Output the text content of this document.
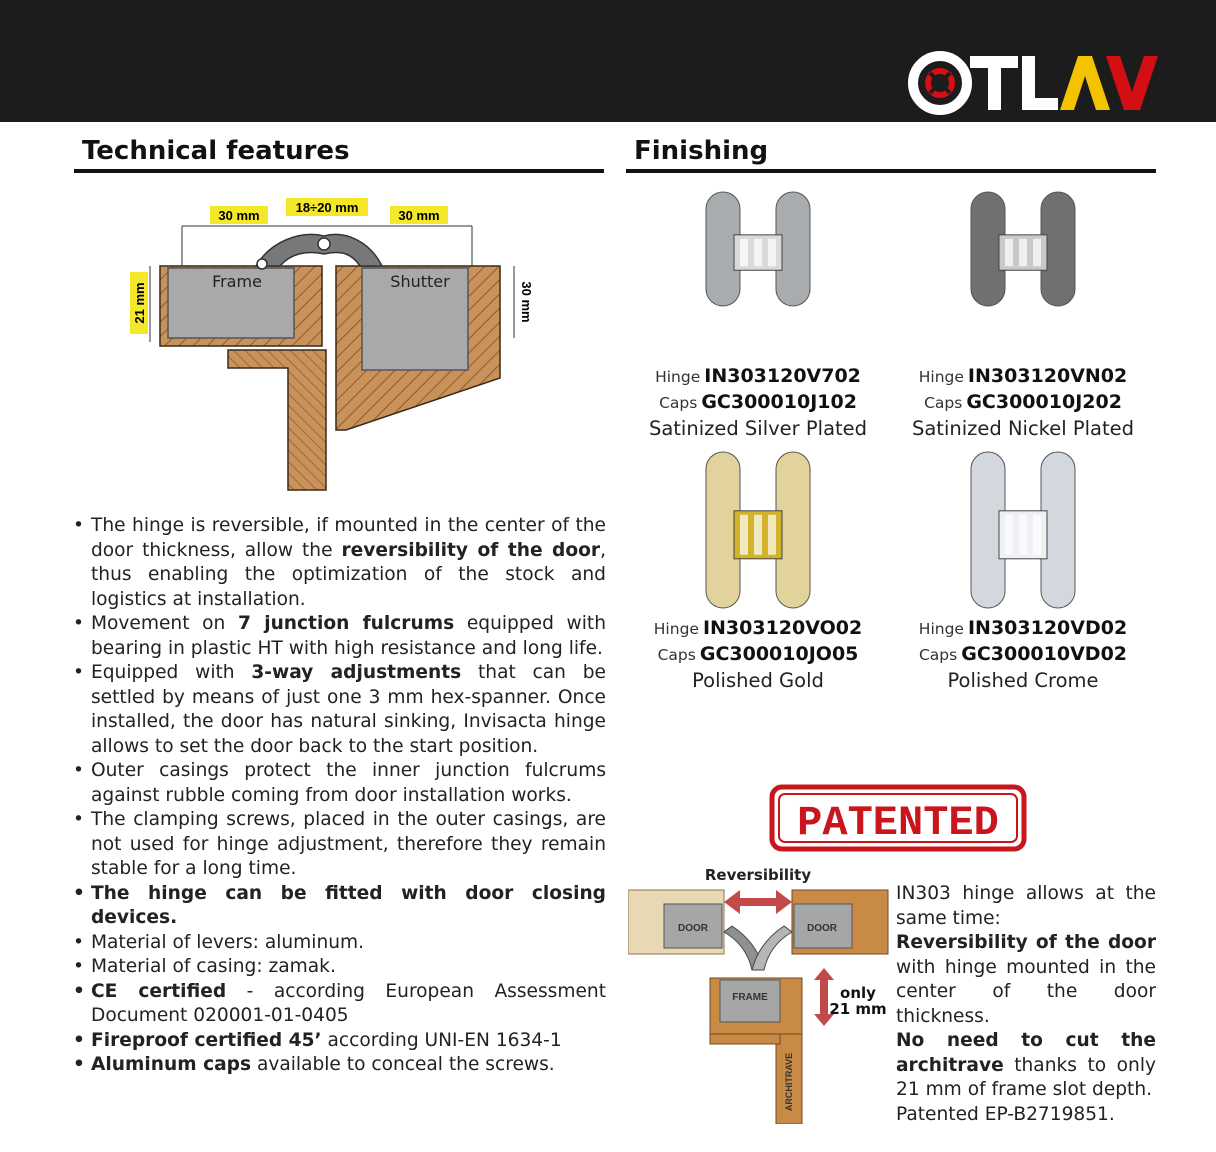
OTLAV
Technical features	Finishing
30 mm
18÷20 mm
30 mm
21 mm	30 mm
Frame	Shutter
• The hinge is reversible, if mounted in the center of the door thickness, allow the reversibility of the door, thus enabling the optimization of the stock and logistics at installation.
• Movement on 7 junction fulcrums equipped with bearing in plastic HT with high resistance and long life.
• Equipped with 3-way adjustments that can be settled by means of just one 3 mm hex-spanner. Once installed, the door has natural sinking, Invisacta hinge allows to set the door back to the start position.
• Outer casings protect the inner junction fulcrums against rubble coming from door installation works.
• The clamping screws, placed in the outer casings, are not used for hinge adjustment, therefore they remain stable for a long time.
• The hinge can be fitted with door closing devices.
• Material of levers: aluminum.
• Material of casing: zamak.
• CE certified - according European Assessment Document 020001-01-0405
• Fireproof certified 45’ according UNI-EN 1634-1
• Aluminum caps available to conceal the screws.
Hinge IN303120V702
Caps GC300010J102
Satinized Silver Plated
Hinge IN303120VN02
Caps GC300010J202
Satinized Nickel Plated
Hinge IN303120VO02
Caps GC300010JO05
Polished Gold
Hinge IN303120VD02
Caps GC300010VD02
Polished Crome
PATENTED
Reversibility
DOOR	DOOR
FRAME
ARCHITRAVE
only
21 mm

IN303 hinge allows at the same time:

Reversibility of the door with hinge mounted in the center of the door thickness.

No need to cut the architrave thanks to only 21 mm of frame slot depth.

Patented EP-B2719851.
